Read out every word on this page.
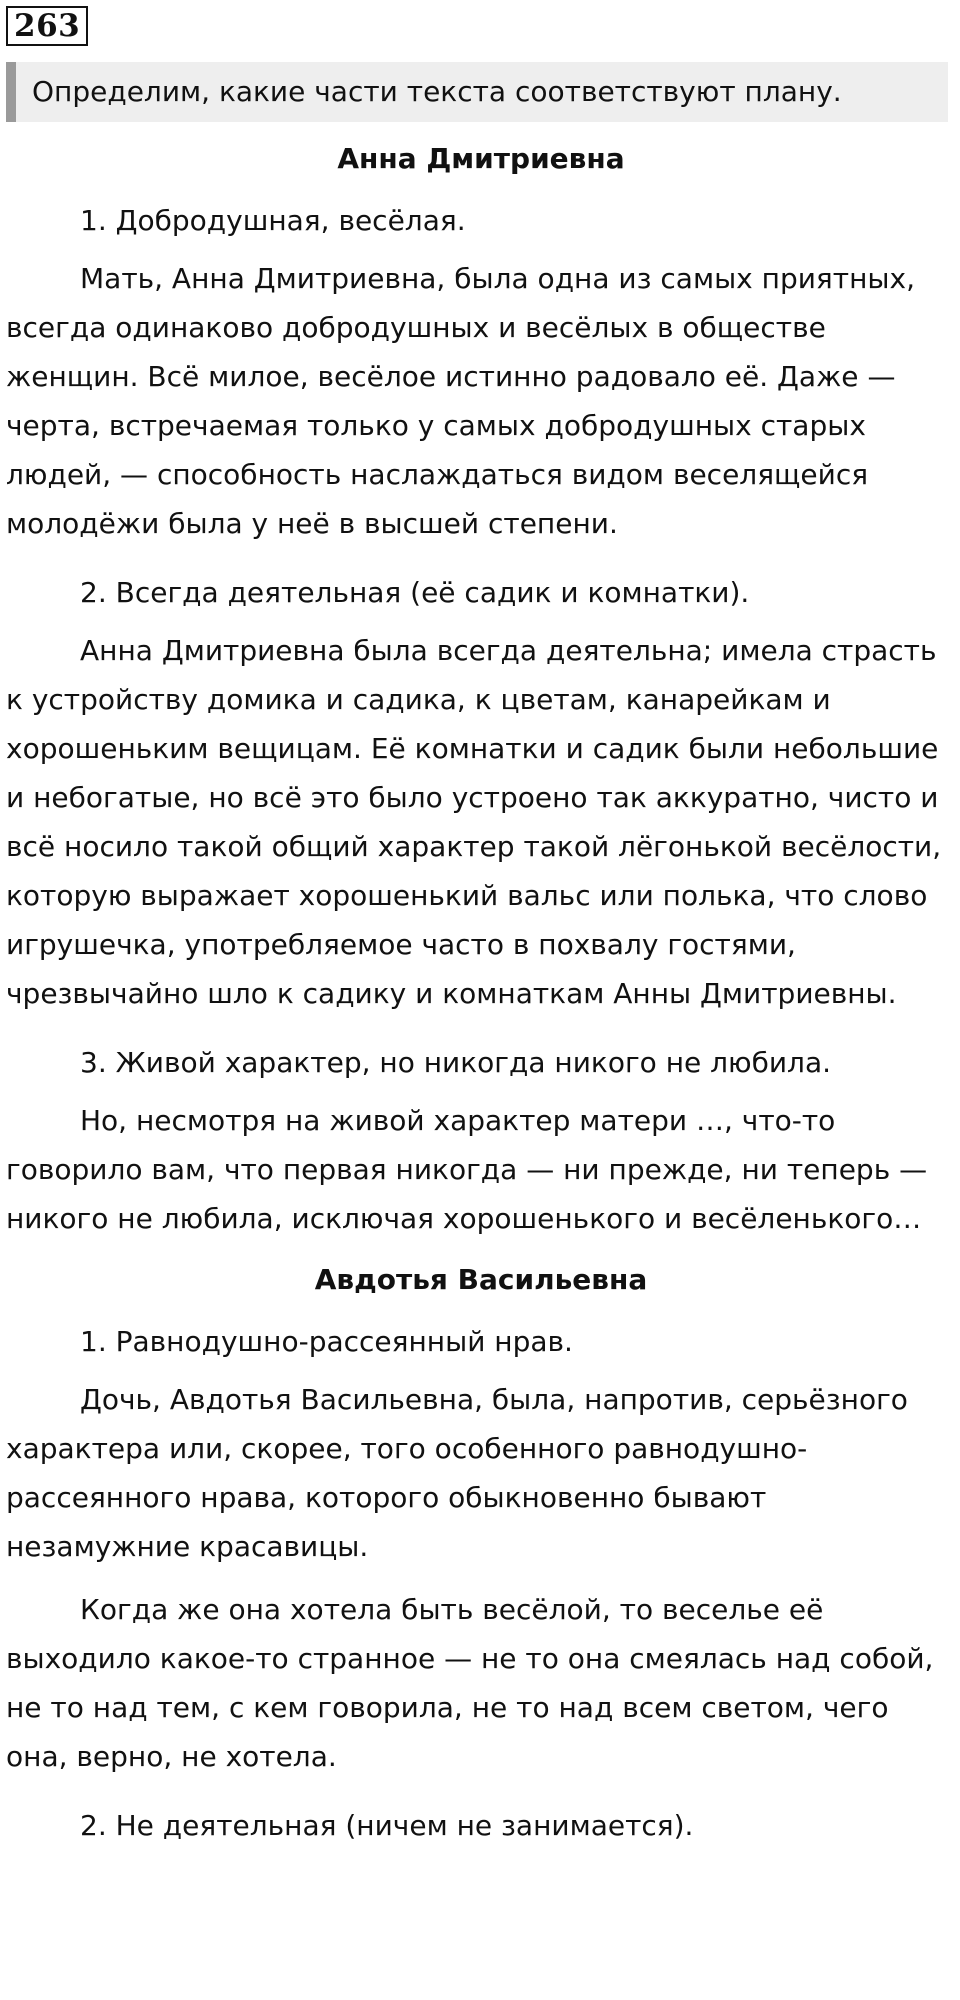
263
Определим, какие части текста соответствуют плану.
Анна Дмитриевна

1. Добродушная, весёлая.

Мать, Анна Дмитриевна, была одна из самых приятных, всегда одинаково добродушных и весёлых в обществе женщин. Всё милое, весёлое истинно радовало её. Даже — черта, встречаемая только у самых добродушных старых людей, — способность наслаждаться видом веселящейся молодёжи была у неё в высшей степени.

2. Всегда деятельная (её садик и комнатки).

Анна Дмитриевна была всегда деятельна; имела страсть к устройству домика и садика, к цветам, канарейкам и хорошеньким вещицам. Её комнатки и садик были небольшие и небогатые, но всё это было устроено так аккуратно, чисто и всё носило такой общий характер такой лёгонькой весёлости, которую выражает хорошенький вальс или полька, что слово игрушечка, употребляемое часто в похвалу гостями, чрезвычайно шло к садику и комнаткам Анны Дмитриевны.

3. Живой характер, но никогда никого не любила.

Но, несмотря на живой характер матери …, что-то говорило вам, что первая никогда — ни прежде, ни теперь — никого не любила, исключая хорошенького и весёленького…

Авдотья Васильевна

1. Равнодушно-рассеянный нрав.

Дочь, Авдотья Васильевна, была, напротив, серьёзного характера или, скорее, того особенного равнодушно-рассеянного нрава, которого обыкновенно бывают незамужние красавицы.

Когда же она хотела быть весёлой, то веселье её выходило какое-то странное — не то она смеялась над собой, не то над тем, с кем говорила, не то над всем светом, чего она, верно, не хотела.

2. Не деятельная (ничем не занимается).
